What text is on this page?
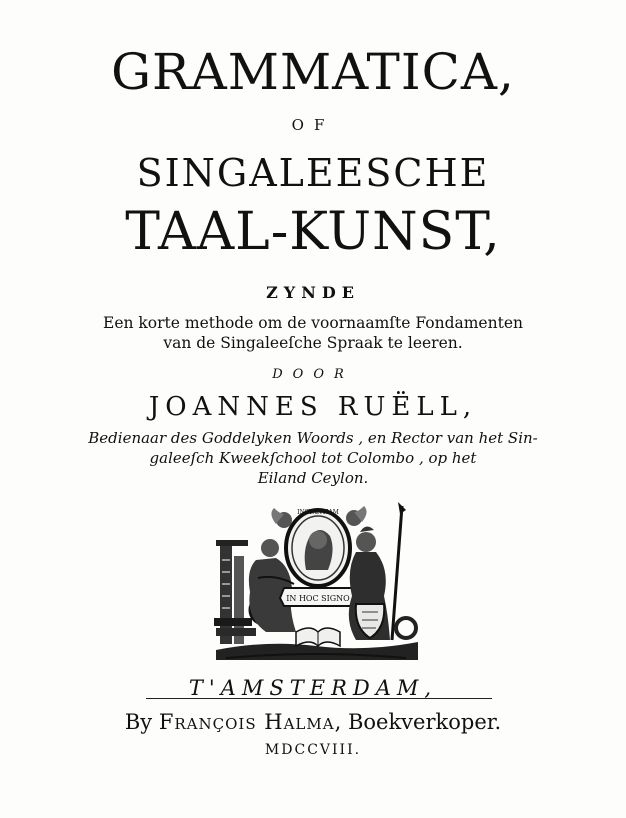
GRAMMATICA,
OF
SINGALEESCHE
TAAL-KUNST,
ZYNDE
Een korte methode om de voornaamſte Fondamenten
van de Singaleeſche Spraak te leeren.
DOOR
JOANNES RUËLL,
Bedienaar des Goddelyken Woords , en Rector van het Sin-
galeeſch Kweekſchool tot Colombo , op het
Eiland Ceylon.
INSTANTIAM
IN HOC SIGNO
T'AMSTERDAM,
By François Halma, Boekverkoper.
MDCCVIII.
